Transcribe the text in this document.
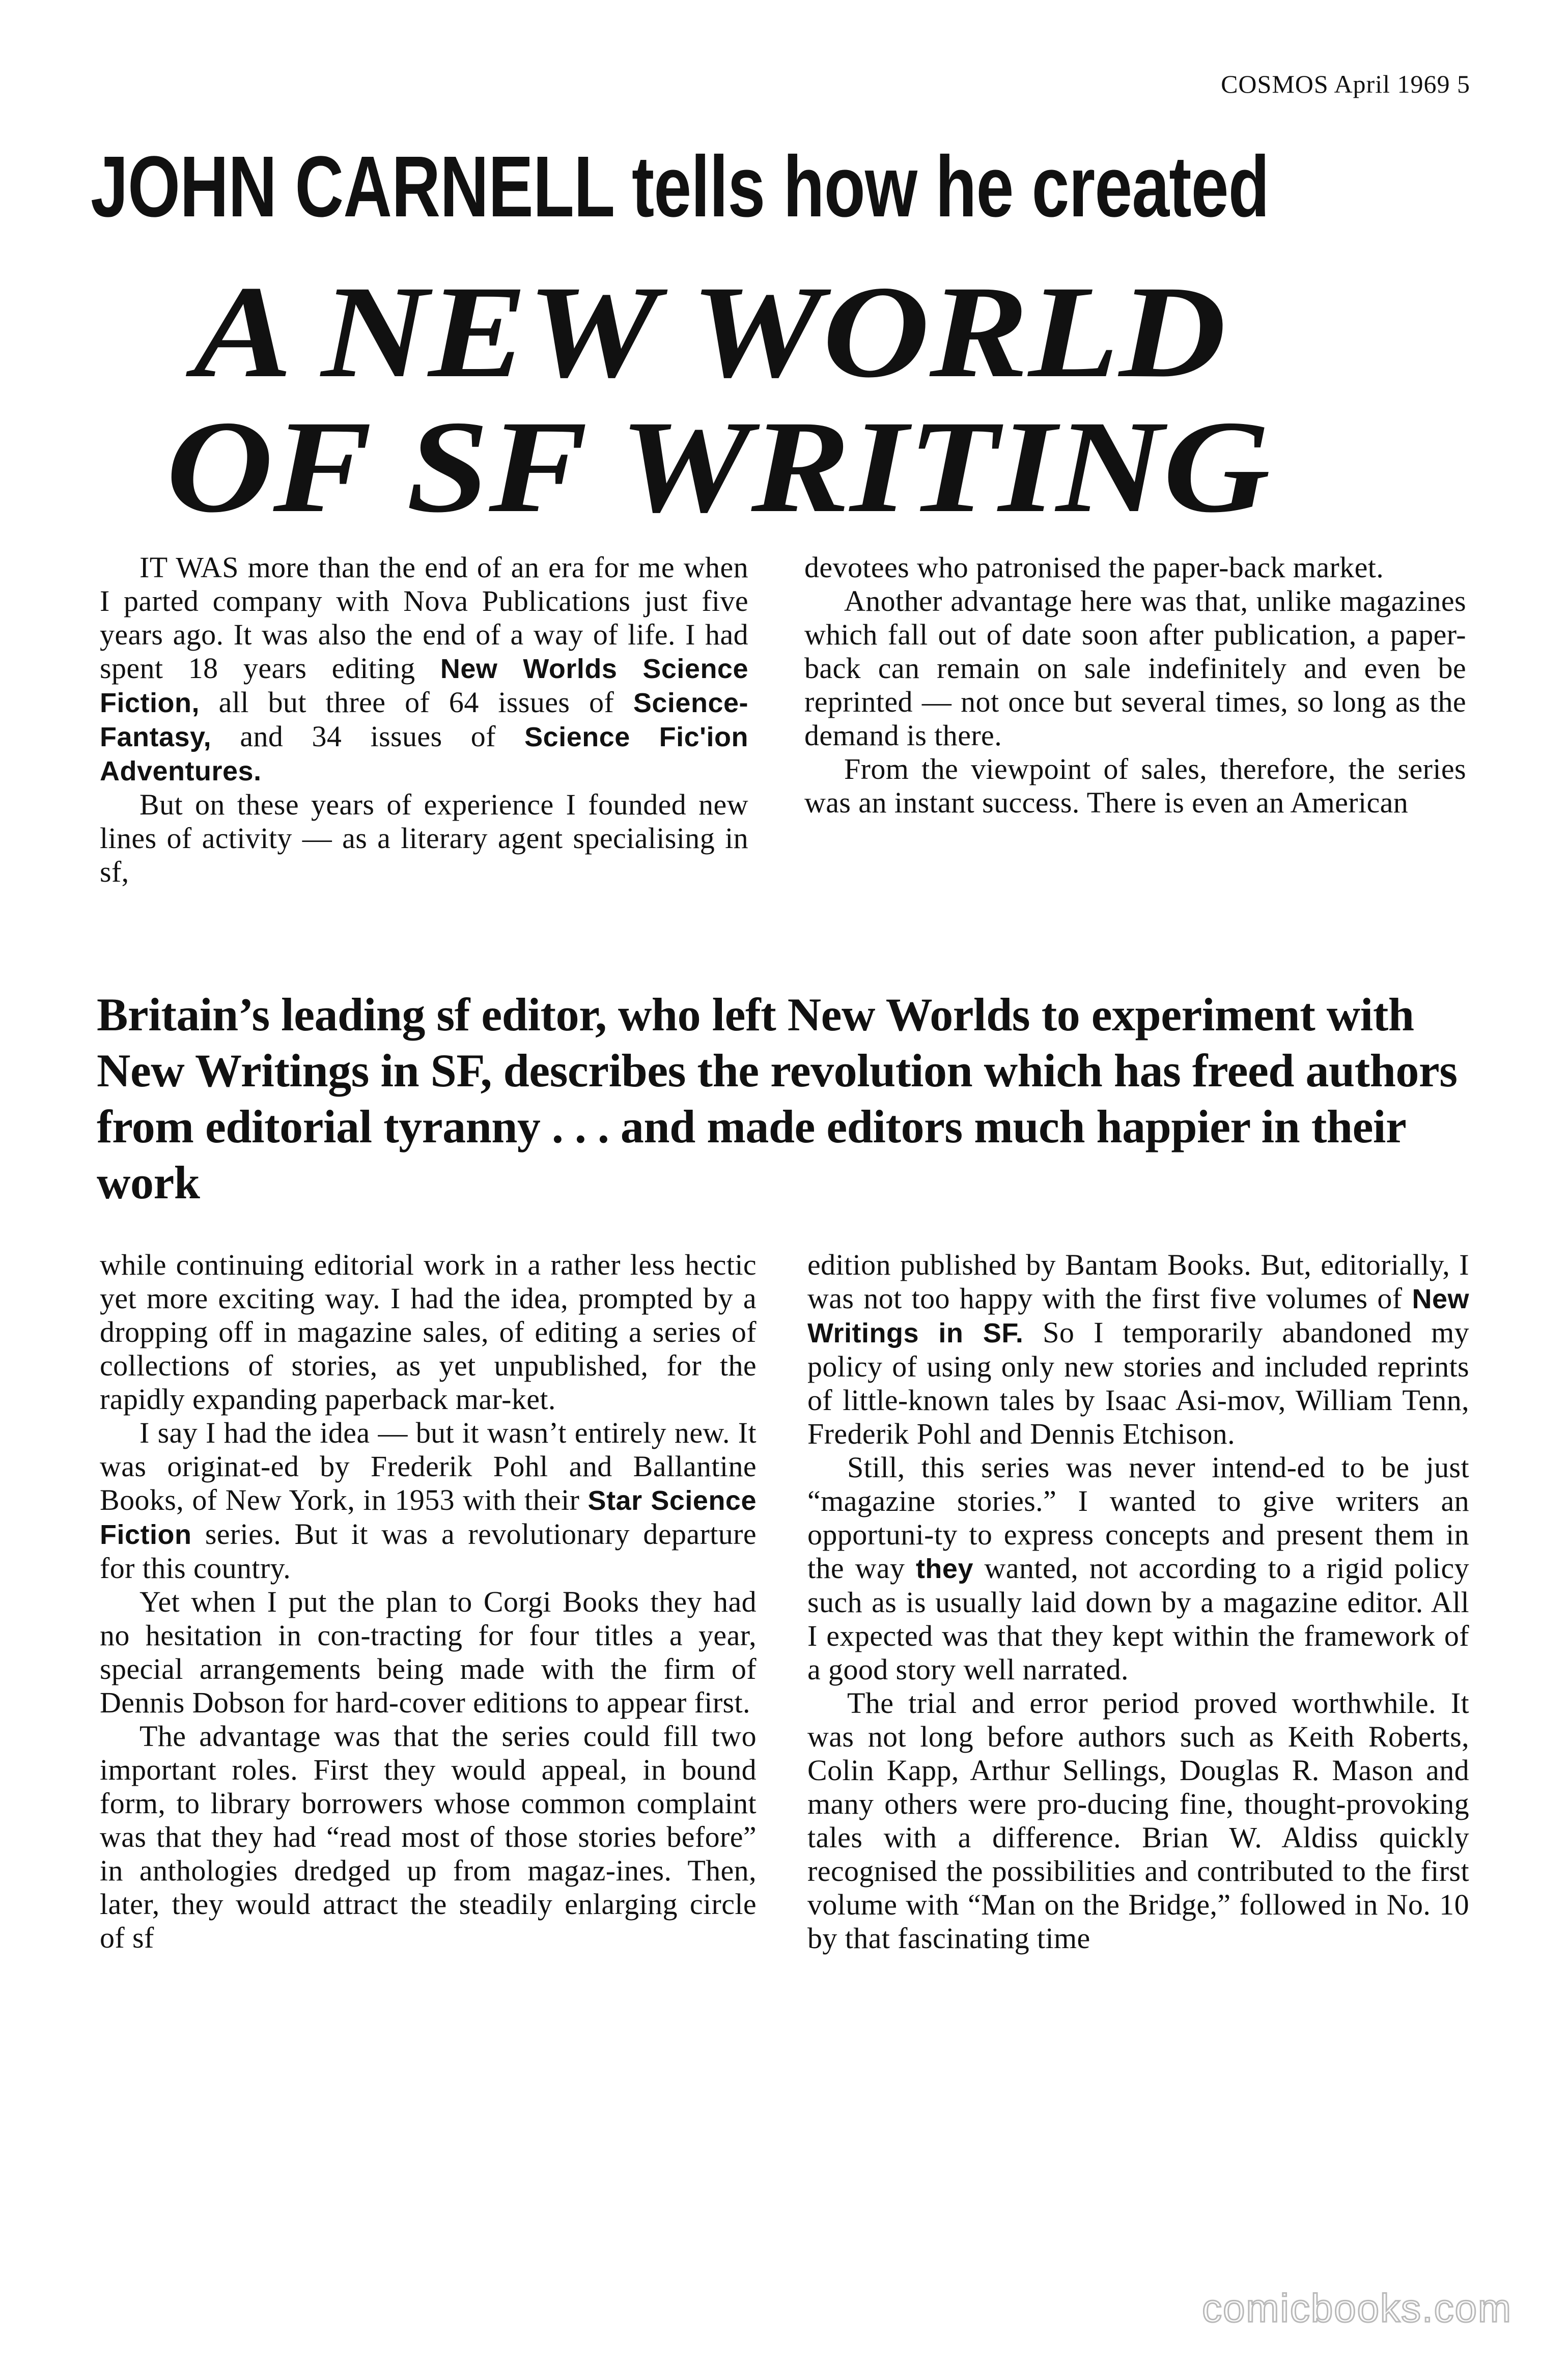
COSMOS April 1969 5
JOHN CARNELL tells how he created
A NEW WORLD
OF SF WRITING

IT WAS more than the end of an era for me when I parted company with Nova Publications just five years ago. It was also the end of a way of life. I had spent 18 years editing New Worlds Science Fiction, all but three of 64 issues of Science-Fantasy, and 34 issues of Science Fic'ion Adventures.

But on these years of experience I founded new lines of activity — as a literary agent specialising in sf,

devotees who patronised the paper-back market.

Another advantage here was that, unlike magazines which fall out of date soon after publication, a paper-back can remain on sale indefinitely and even be reprinted — not once but several times, so long as the demand is there.

From the viewpoint of sales, therefore, the series was an instant success. There is even an American

Britain’s leading sf editor, who left New Worlds to experiment with New Writings in SF, describes the revolution which has freed authors from editorial tyranny . . . and made editors much happier in their work

while continuing editorial work in a rather less hectic yet more exciting way. I had the idea, prompted by a dropping off in magazine sales, of editing a series of collections of stories, as yet unpublished, for the rapidly expanding paperback mar-ket.

I say I had the idea — but it wasn’t entirely new. It was originat-ed by Frederik Pohl and Ballantine Books, of New York, in 1953 with their Star Science Fiction series. But it was a revolutionary departure for this country.

Yet when I put the plan to Corgi Books they had no hesitation in con-tracting for four titles a year, special arrangements being made with the firm of Dennis Dobson for hard-cover editions to appear first.

The advantage was that the series could fill two important roles. First they would appeal, in bound form, to library borrowers whose common complaint was that they had “read most of those stories before” in anthologies dredged up from magaz-ines. Then, later, they would attract the steadily enlarging circle of sf

edition published by Bantam Books. But, editorially, I was not too happy with the first five volumes of New Writings in SF. So I temporarily abandoned my policy of using only new stories and included reprints of little-known tales by Isaac Asi-mov, William Tenn, Frederik Pohl and Dennis Etchison.

Still, this series was never intend-ed to be just “magazine stories.” I wanted to give writers an opportuni-ty to express concepts and present them in the way they wanted, not according to a rigid policy such as is usually laid down by a magazine editor. All I expected was that they kept within the framework of a good story well narrated.

The trial and error period proved worthwhile. It was not long before authors such as Keith Roberts, Colin Kapp, Arthur Sellings, Douglas R. Mason and many others were pro-ducing fine, thought-provoking tales with a difference. Brian W. Aldiss quickly recognised the possibilities and contributed to the first volume with “Man on the Bridge,” followed in No. 10 by that fascinating time

comicbooks.com
